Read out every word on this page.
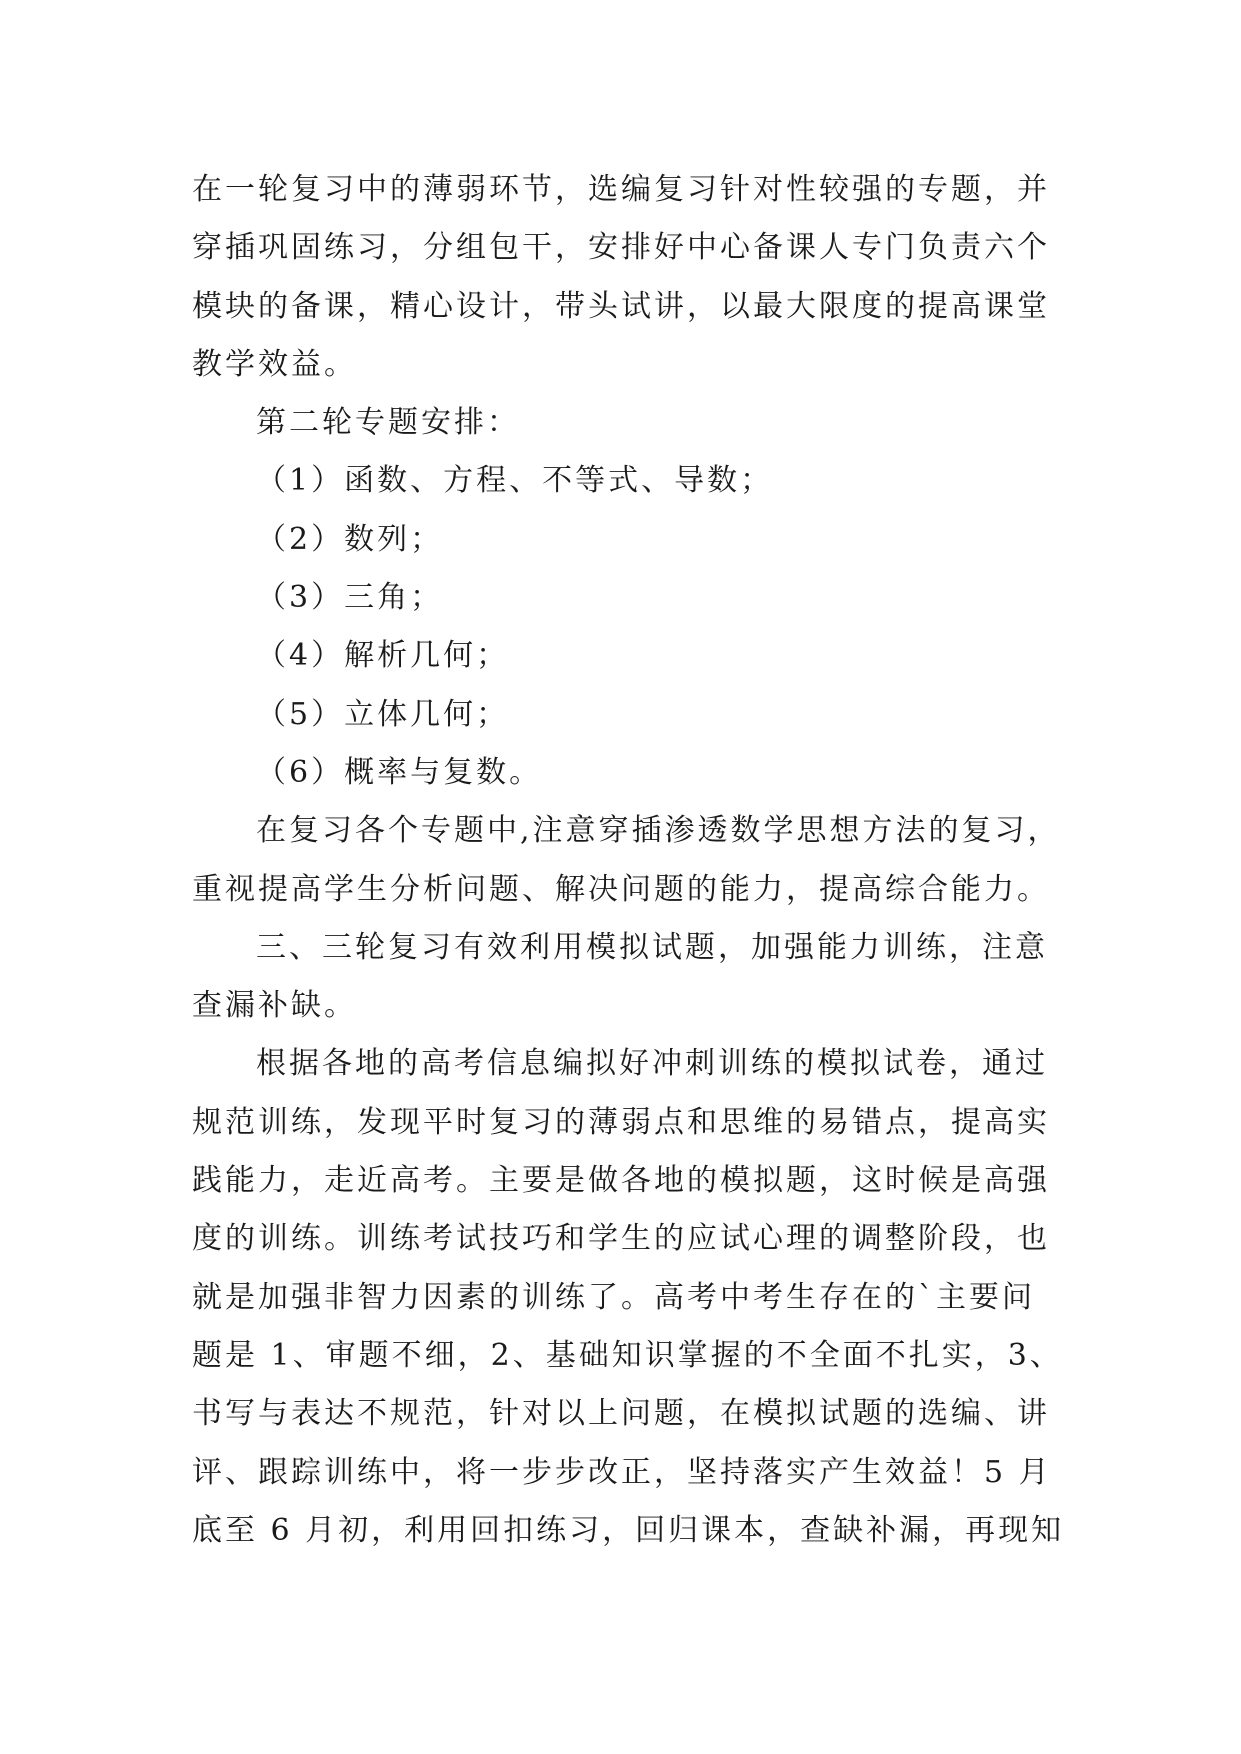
在一轮复习中的薄弱环节，选编复习针对性较强的专题，并
穿插巩固练习，分组包干，安排好中心备课人专门负责六个
模块的备课，精心设计，带头试讲，以最大限度的提高课堂
教学效益。
第二轮专题安排：
（1）函数、方程、不等式、导数；
（2）数列；
（3）三角；
（4）解析几何；
（5）立体几何；
（6）概率与复数。
在复习各个专题中,注意穿插渗透数学思想方法的复习，
重视提高学生分析问题、解决问题的能力，提高综合能力。
三、三轮复习有效利用模拟试题，加强能力训练，注意
查漏补缺。
根据各地的高考信息编拟好冲刺训练的模拟试卷，通过
规范训练，发现平时复习的薄弱点和思维的易错点，提高实
践能力，走近高考。主要是做各地的模拟题，这时候是高强
度的训练。训练考试技巧和学生的应试心理的调整阶段，也
就是加强非智力因素的训练了。高考中考生存在的`主要问
题是 1、审题不细，2、基础知识掌握的不全面不扎实，3、
书写与表达不规范，针对以上问题，在模拟试题的选编、讲
评、跟踪训练中，将一步步改正，坚持落实产生效益！5 月
底至 6 月初，利用回扣练习，回归课本，查缺补漏，再现知
